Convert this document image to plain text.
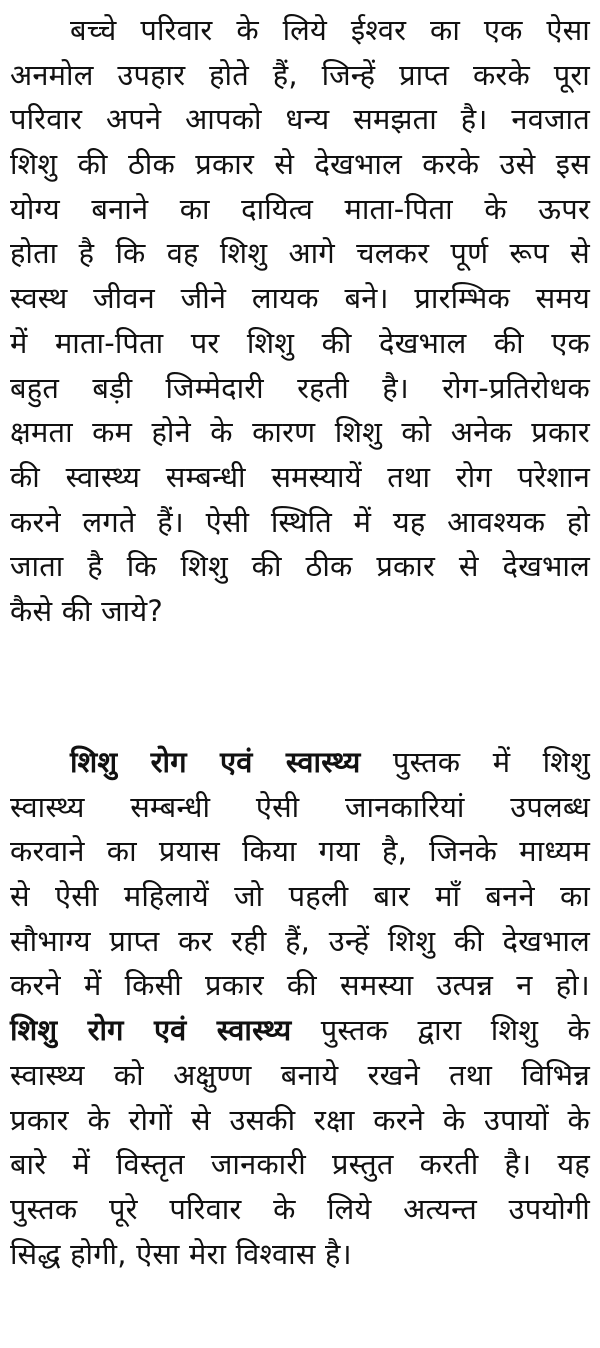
बच्चे परिवार के लिये ईश्वर का एक ऐसा
अनमोल उपहार होते हैं, जिन्हें प्राप्त करके पूरा
परिवार अपने आपको धन्य समझता है। नवजात
शिशु की ठीक प्रकार से देखभाल करके उसे इस
योग्य बनाने का दायित्व माता-पिता के ऊपर
होता है कि वह शिशु आगे चलकर पूर्ण रूप से
स्वस्थ जीवन जीने लायक बने। प्रारम्भिक समय
में माता-पिता पर शिशु की देखभाल की एक
बहुत बड़ी जिम्मेदारी रहती है। रोग-प्रतिरोधक
क्षमता कम होने के कारण शिशु को अनेक प्रकार
की स्वास्थ्य सम्बन्धी समस्यायें तथा रोग परेशान
करने लगते हैं। ऐसी स्थिति में यह आवश्यक हो
जाता है कि शिशु की ठीक प्रकार से देखभाल
कैसे की जाये?
शिशु रोग एवं स्वास्थ्य पुस्तक में शिशु
स्वास्थ्य सम्बन्धी ऐसी जानकारियां उपलब्ध
करवाने का प्रयास किया गया है, जिनके माध्यम
से ऐसी महिलायें जो पहली बार माँ बनने का
सौभाग्य प्राप्त कर रही हैं, उन्हें शिशु की देखभाल
करने में किसी प्रकार की समस्या उत्पन्न न हो।
शिशु रोग एवं स्वास्थ्य पुस्तक द्वारा शिशु के
स्वास्थ्य को अक्षुण्ण बनाये रखने तथा विभिन्न
प्रकार के रोगों से उसकी रक्षा करने के उपायों के
बारे में विस्तृत जानकारी प्रस्तुत करती है। यह
पुस्तक पूरे परिवार के लिये अत्यन्त उपयोगी
सिद्ध होगी, ऐसा मेरा विश्वास है।
